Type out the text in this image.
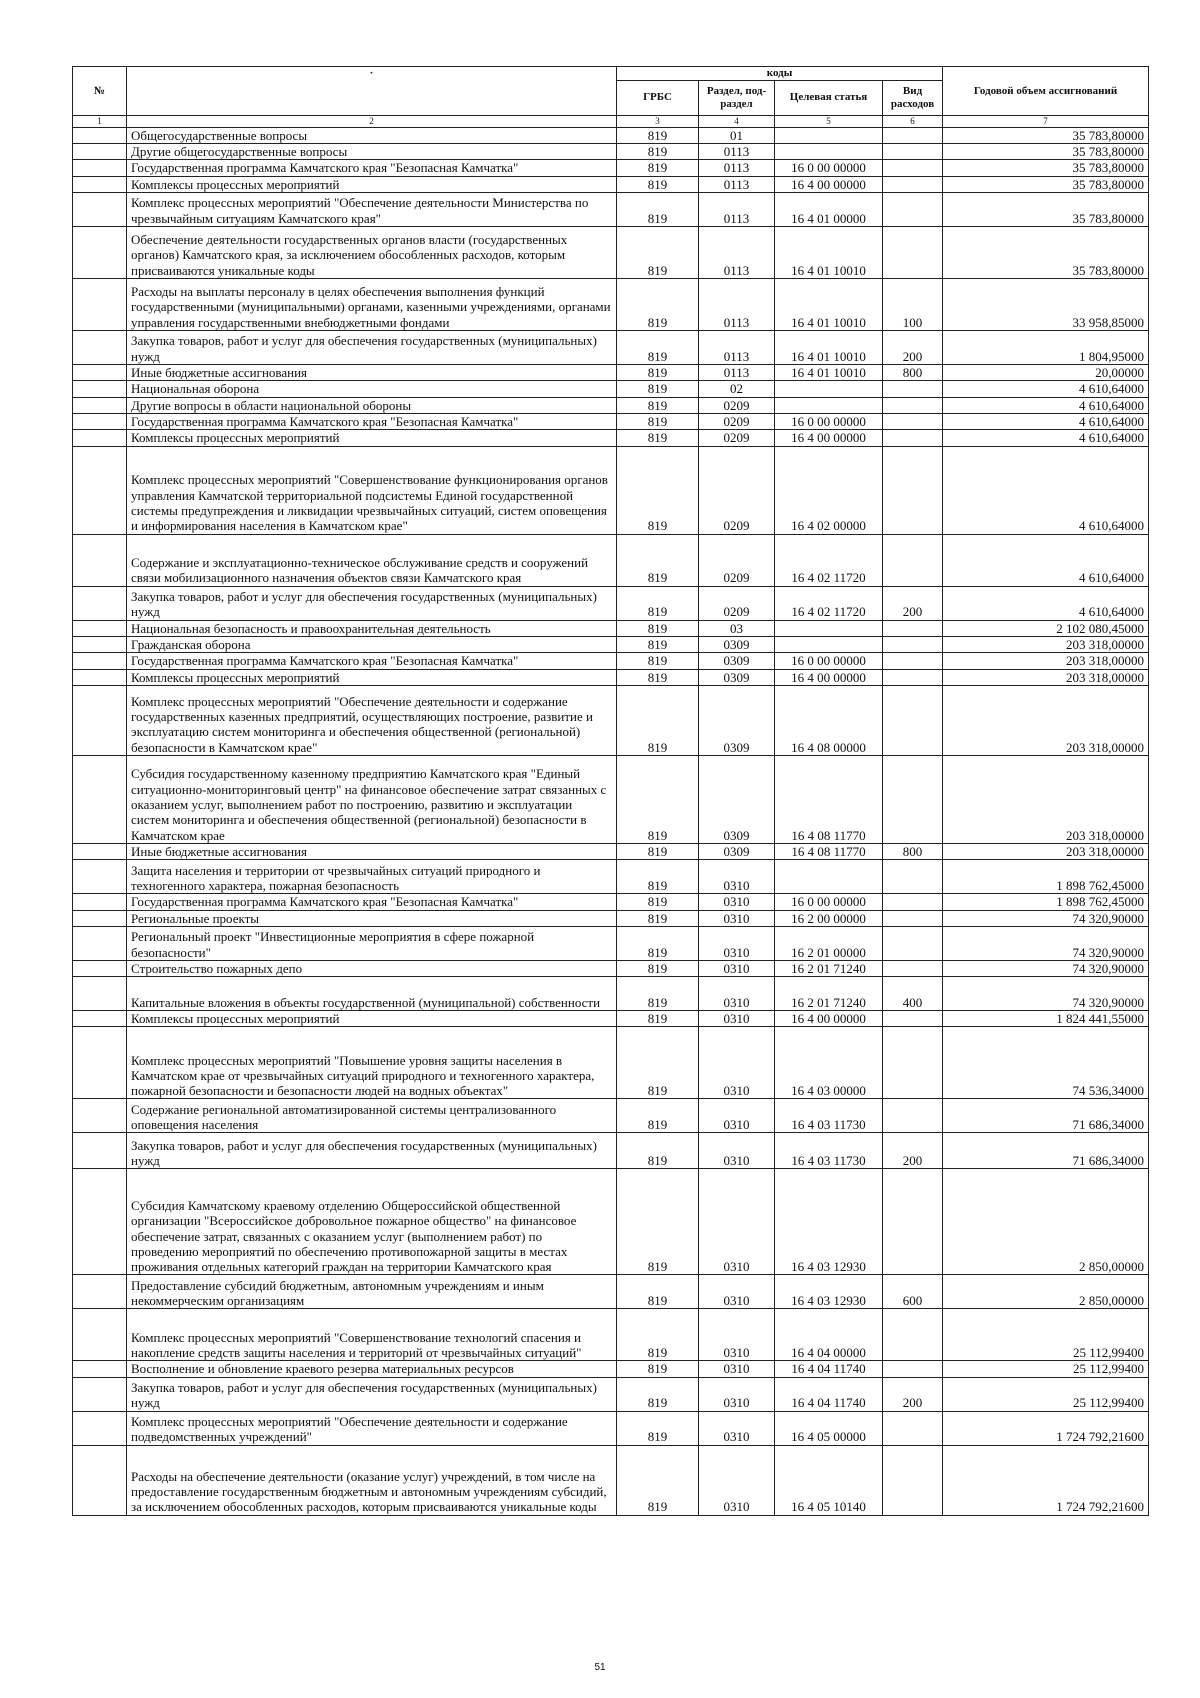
№	·	коды				Годовой объем ассигнований
		ГРБС	Раздел, под-раздел	Целевая статья	Вид расходов	
1	2	3	4	5	6	7
	Общегосударственные вопросы	819	01			35 783,80000
	Другие общегосударственные вопросы	819	0113			35 783,80000
	Государственная программа Камчатского края "Безопасная Камчатка"	819	0113	16 0 00 00000		35 783,80000
	Комплексы процессных мероприятий	819	0113	16 4 00 00000		35 783,80000
	Комплекс процессных мероприятий "Обеспечение деятельности Министерства по чрезвычайным ситуациям Камчатского края"	819	0113	16 4 01 00000		35 783,80000
	Обеспечение деятельности государственных органов власти (государственных органов) Камчатского края, за исключением обособленных расходов, которым присваиваются уникальные коды	819	0113	16 4 01 10010		35 783,80000
	Расходы на выплаты персоналу в целях обеспечения выполнения функций государственными (муниципальными) органами, казенными учреждениями, органами управления государственными внебюджетными фондами	819	0113	16 4 01 10010	100	33 958,85000
	Закупка товаров, работ и услуг для обеспечения государственных (муниципальных) нужд	819	0113	16 4 01 10010	200	1 804,95000
	Иные бюджетные ассигнования	819	0113	16 4 01 10010	800	20,00000
	Национальная оборона	819	02			4 610,64000
	Другие вопросы в области национальной обороны	819	0209			4 610,64000
	Государственная программа Камчатского края "Безопасная Камчатка"	819	0209	16 0 00 00000		4 610,64000
	Комплексы процессных мероприятий	819	0209	16 4 00 00000		4 610,64000
	Комплекс процессных мероприятий "Совершенствование функционирования органов управления Камчатской территориальной подсистемы Единой государственной системы предупреждения и ликвидации чрезвычайных ситуаций, систем оповещения и информирования населения в Камчатском крае"	819	0209	16 4 02 00000		4 610,64000
	Содержание и эксплуатационно-техническое обслуживание средств и сооружений связи мобилизационного назначения объектов связи Камчатского края	819	0209	16 4 02 11720		4 610,64000
	Закупка товаров, работ и услуг для обеспечения государственных (муниципальных) нужд	819	0209	16 4 02 11720	200	4 610,64000
	Национальная безопасность и правоохранительная деятельность	819	03			2 102 080,45000
	Гражданская оборона	819	0309			203 318,00000
	Государственная программа Камчатского края "Безопасная Камчатка"	819	0309	16 0 00 00000		203 318,00000
	Комплексы процессных мероприятий	819	0309	16 4 00 00000		203 318,00000
	Комплекс процессных мероприятий "Обеспечение деятельности и содержание государственных казенных предприятий, осуществляющих построение, развитие и эксплуатацию систем мониторинга и обеспечения общественной (региональной) безопасности в Камчатском крае"	819	0309	16 4 08 00000		203 318,00000
	Субсидия государственному казенному предприятию Камчатского края "Единый ситуационно-мониторинговый центр" на финансовое обеспечение затрат связанных с оказанием услуг, выполнением работ по построению, развитию и эксплуатации систем мониторинга и обеспечения общественной (региональной) безопасности в Камчатском крае	819	0309	16 4 08 11770		203 318,00000
	Иные бюджетные ассигнования	819	0309	16 4 08 11770	800	203 318,00000
	Защита населения и территории от чрезвычайных ситуаций природного и техногенного характера, пожарная безопасность	819	0310			1 898 762,45000
	Государственная программа Камчатского края "Безопасная Камчатка"	819	0310	16 0 00 00000		1 898 762,45000
	Региональные проекты	819	0310	16 2 00 00000		74 320,90000
	Региональный проект "Инвестиционные мероприятия в сфере пожарной безопасности"	819	0310	16 2 01 00000		74 320,90000
	Строительство пожарных депо	819	0310	16 2 01 71240		74 320,90000
	Капитальные вложения в объекты государственной (муниципальной) собственности	819	0310	16 2 01 71240	400	74 320,90000
	Комплексы процессных мероприятий	819	0310	16 4 00 00000		1 824 441,55000
	Комплекс процессных мероприятий "Повышение уровня защиты населения в Камчатском крае от чрезвычайных ситуаций природного и техногенного характера, пожарной безопасности и безопасности людей на водных объектах"	819	0310	16 4 03 00000		74 536,34000
	Содержание региональной автоматизированной системы централизованного оповещения населения	819	0310	16 4 03 11730		71 686,34000
	Закупка товаров, работ и услуг для обеспечения государственных (муниципальных) нужд	819	0310	16 4 03 11730	200	71 686,34000
	Субсидия Камчатскому краевому отделению Общероссийской общественной организации "Всероссийское добровольное пожарное общество" на финансовое обеспечение затрат, связанных с оказанием услуг (выполнением работ) по проведению мероприятий по обеспечению противопожарной защиты в местах проживания отдельных категорий граждан на территории Камчатского края	819	0310	16 4 03 12930		2 850,00000
	Предоставление субсидий бюджетным, автономным учреждениям и иным некоммерческим организациям	819	0310	16 4 03 12930	600	2 850,00000
	Комплекс процессных мероприятий "Совершенствование технологий спасения и накопление средств защиты населения и территорий от чрезвычайных ситуаций"	819	0310	16 4 04 00000		25 112,99400
	Восполнение и обновление краевого резерва материальных ресурсов	819	0310	16 4 04 11740		25 112,99400
	Закупка товаров, работ и услуг для обеспечения государственных (муниципальных) нужд	819	0310	16 4 04 11740	200	25 112,99400
	Комплекс процессных мероприятий "Обеспечение деятельности и содержание подведомственных учреждений"	819	0310	16 4 05 00000		1 724 792,21600
	Расходы на обеспечение деятельности (оказание услуг) учреждений, в том числе на предоставление государственным бюджетным и автономным учреждениям субсидий, за исключением обособленных расходов, которым присваиваются уникальные коды	819	0310	16 4 05 10140		1 724 792,21600
51
